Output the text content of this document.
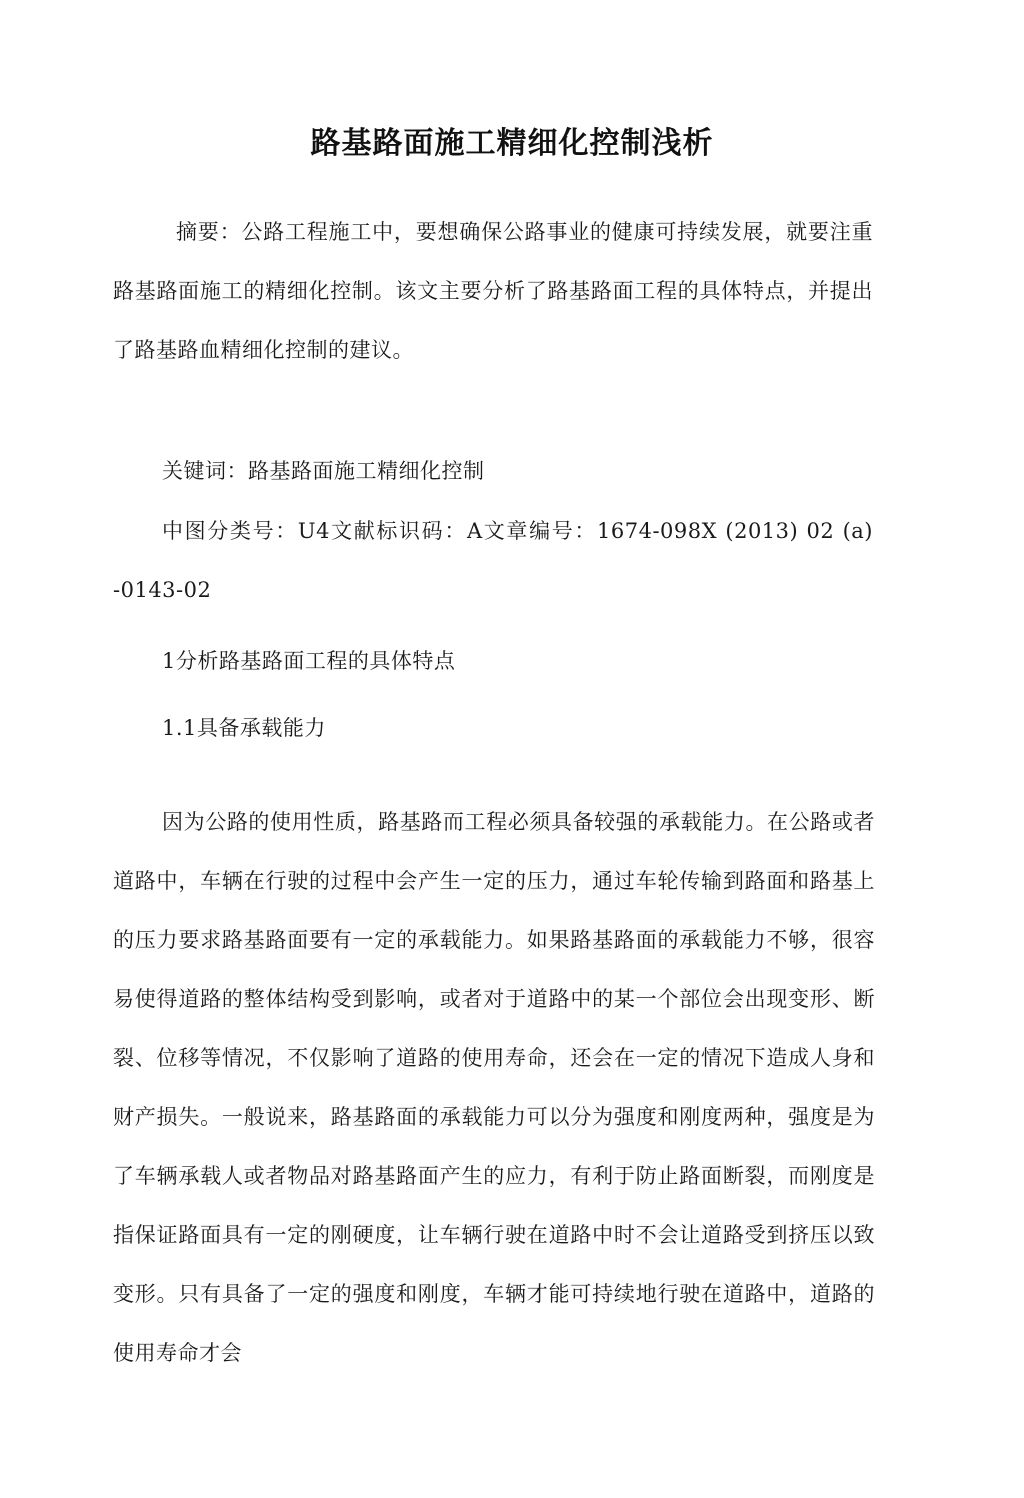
路基路面施工精细化控制浅析

摘要：公路工程施工中，要想确保公路事业的健康可持续发展，就要注重路基路面施工的精细化控制。该文主要分析了路基路面工程的具体特点，并提出了路基路血精细化控制的建议。

关键词：路基路面施工精细化控制

中图分类号：U4文献标识码：A文章编号：1674-098X (2013) 02 (a) -0143-02

1分析路基路面工程的具体特点

1.1具备承载能力

因为公路的使用性质，路基路而工程必须具备较强的承载能力。在公路或者道路中，车辆在行驶的过程中会产生一定的压力，通过车轮传输到路面和路基上的压力要求路基路面要有一定的承载能力。如果路基路面的承载能力不够，很容易使得道路的整体结构受到影响，或者对于道路中的某一个部位会出现变形、断裂、位移等情况，不仅影响了道路的使用寿命，还会在一定的情况下造成人身和财产损失。一般说来，路基路面的承载能力可以分为强度和刚度两种，强度是为了车辆承载人或者物品对路基路面产生的应力，有利于防止路面断裂，而刚度是指保证路面具有一定的刚硬度，让车辆行驶在道路中时不会让道路受到挤压以致变形。只有具备了一定的强度和刚度，车辆才能可持续地行驶在道路中，道路的使用寿命才会
